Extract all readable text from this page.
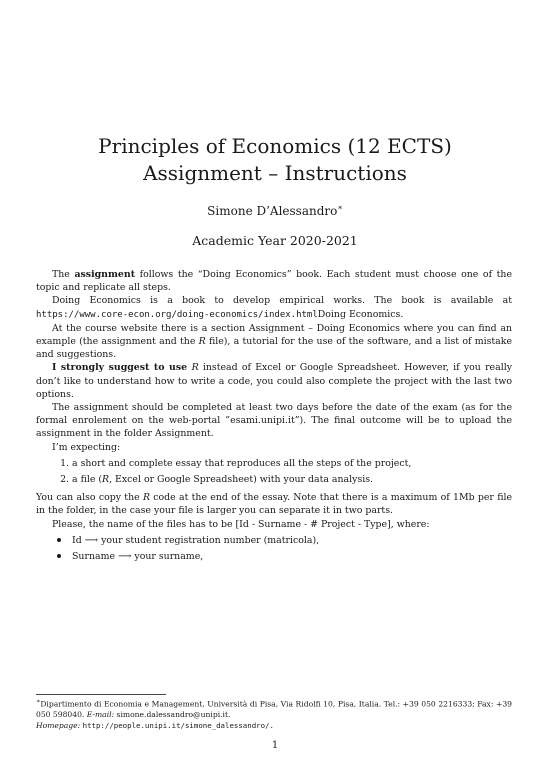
Principles of Economics (12 ECTS)
Assignment – Instructions
Simone D’Alessandro∗
Academic Year 2020-2021

The assignment follows the “Doing Economics” book. Each student must choose one of the topic and replicate all steps.

Doing Economics is a book to develop empirical works. The book is available at https://www.core-econ.org/doing-economics/index.htmlDoing Economics.

At the course website there is a section Assignment – Doing Economics where you can find an example (the assignment and the R file), a tutorial for the use of the software, and a list of mistake and suggestions.

I strongly suggest to use R instead of Excel or Google Spreadsheet. However, if you really don’t like to understand how to write a code, you could also complete the project with the last two options.

The assignment should be completed at least two days before the date of the exam (as for the formal enrolement on the web-portal ”esami.unipi.it”). The final outcome will be to upload the assignment in the folder Assignment.

I’m expecting:

1. a short and complete essay that reproduces all the steps of the project,
2. a file (R, Excel or Google Spreadsheet) with your data analysis.

You can also copy the R code at the end of the essay. Note that there is a maximum of 1Mb per file in the folder, in the case your file is larger you can separate it in two parts.

Please, the name of the files has to be [Id - Surname - # Project - Type], where:

Id ⟶ your student registration number (matricola),
Surname ⟶ your surname,
∗Dipartimento di Economia e Management, Università di Pisa, Via Ridolfi 10, Pisa, Italia. Tel.: +39 050 2216333; Fax: +39 050 598040. E-mail: simone.dalessandro@unipi.it.
Homepage: http://people.unipi.it/simone_dalessandro/.
1
